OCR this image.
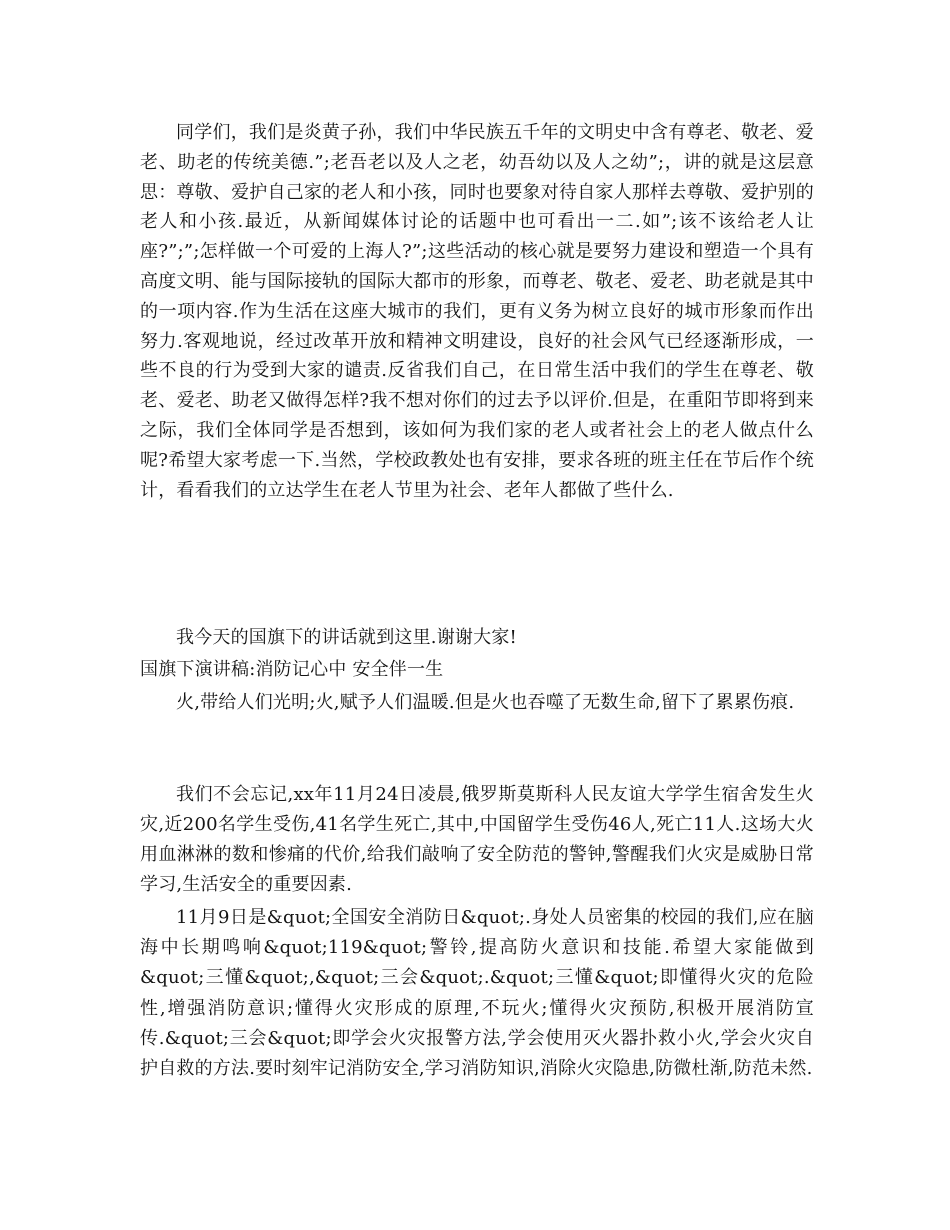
同学们，我们是炎黄子孙，我们中华民族五千年的文明史中含有尊老、敬老、爱老、助老的传统美德.”;老吾老以及人之老，幼吾幼以及人之幼”;，讲的就是这层意思：尊敬、爱护自己家的老人和小孩，同时也要象对待自家人那样去尊敬、爱护别的老人和小孩.最近，从新闻媒体讨论的话题中也可看出一二.如”;该不该给老人让座?”;”;怎样做一个可爱的上海人?”;这些活动的核心就是要努力建设和塑造一个具有高度文明、能与国际接轨的国际大都市的形象，而尊老、敬老、爱老、助老就是其中的一项内容.作为生活在这座大城市的我们，更有义务为树立良好的城市形象而作出努力.客观地说，经过改革开放和精神文明建设，良好的社会风气已经逐渐形成，一些不良的行为受到大家的谴责.反省我们自己，在日常生活中我们的学生在尊老、敬老、爱老、助老又做得怎样?我不想对你们的过去予以评价.但是，在重阳节即将到来之际，我们全体同学是否想到，该如何为我们家的老人或者社会上的老人做点什么呢?希望大家考虑一下.当然，学校政教处也有安排，要求各班的班主任在节后作个统计，看看我们的立达学生在老人节里为社会、老年人都做了些什么.

我今天的国旗下的讲话就到这里.谢谢大家!

国旗下演讲稿:消防记心中 安全伴一生

火,带给人们光明;火,赋予人们温暖.但是火也吞噬了无数生命,留下了累累伤痕.

我们不会忘记,xx年11月24日凌晨,俄罗斯莫斯科人民友谊大学学生宿舍发生火灾,近200名学生受伤,41名学生死亡,其中,中国留学生受伤46人,死亡11人.这场大火用血淋淋的数和惨痛的代价,给我们敲响了安全防范的警钟,警醒我们火灾是威胁日常学习,生活安全的重要因素.

11月9日是&quot;全国安全消防日&quot;.身处人员密集的校园的我们,应在脑海中长期鸣响&quot;119&quot;警铃,提高防火意识和技能.希望大家能做到&quot;三懂&quot;,&quot;三会&quot;.&quot;三懂&quot;即懂得火灾的危险性,增强消防意识;懂得火灾形成的原理,不玩火;懂得火灾预防,积极开展消防宣传.&quot;三会&quot;即学会火灾报警方法,学会使用灭火器扑救小火,学会火灾自护自救的方法.要时刻牢记消防安全,学习消防知识,消除火灾隐患,防微杜渐,防范未然.
